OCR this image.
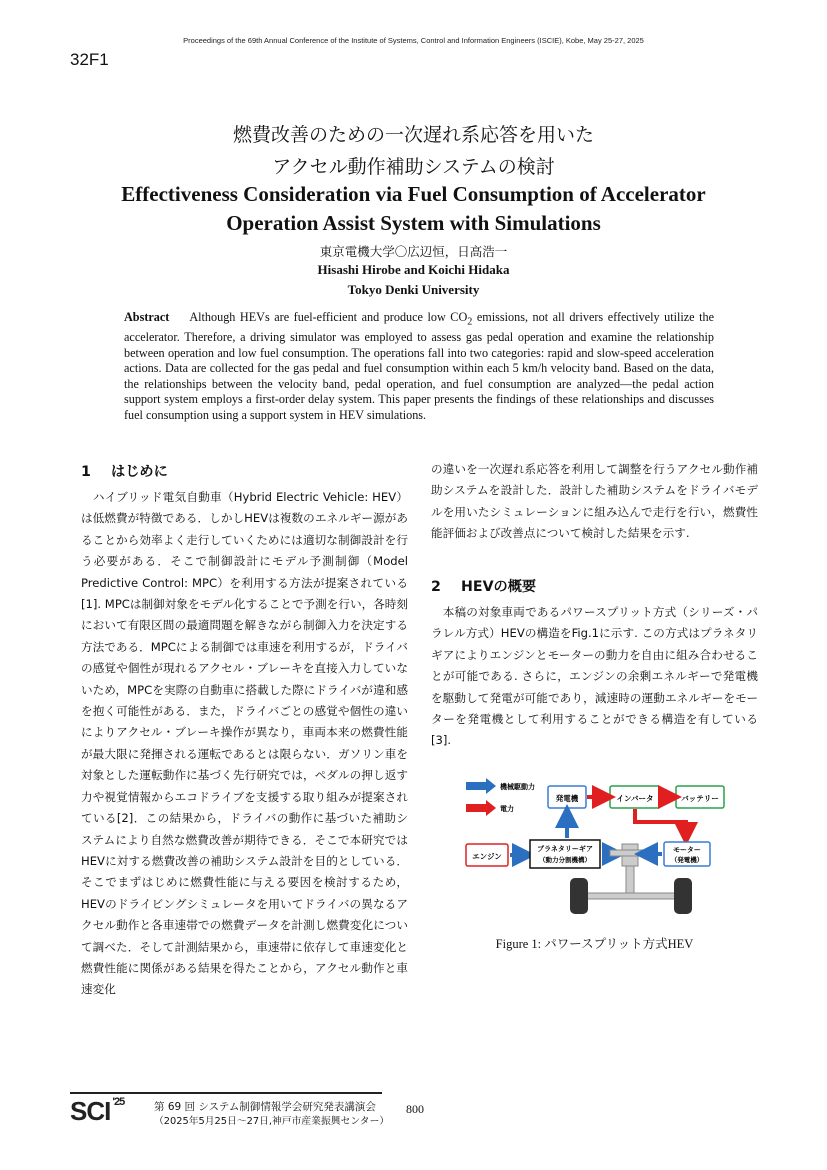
Proceedings of the 69th Annual Conference of the Institute of Systems, Control and Information Engineers (ISCIE), Kobe, May 25-27, 2025
32F1
燃費改善のための一次遅れ系応答を用いた
アクセル動作補助システムの検討
Effectiveness Consideration via Fuel Consumption of Accelerator
Operation Assist System with Simulations
東京電機大学〇広辺恒，日高浩一
Hisashi Hirobe and Koichi Hidaka
Tokyo Denki University
Abstract Although HEVs are fuel-efficient and produce low $CO_2$ emissions, not all drivers effectively utilize the accelerator. Therefore, a driving simulator was employed to assess gas pedal operation and examine the relationship between operation and low fuel consumption. The operations fall into two categories: rapid and slow-speed acceleration actions. Data are collected for the gas pedal and fuel consumption within each 5 km/h velocity band. Based on the data, the relationships between the velocity band, pedal operation, and fuel consumption are analyzed—the pedal action support system employs a first-order delay system. This paper presents the findings of these relationships and discusses fuel consumption using a support system in HEV simulations.
1 はじめに
　ハイブリッド電気自動車（Hybrid Electric Vehicle: HEV）は低燃費が特徴である．しかしHEVは複数のエネルギー源があることから効率よく走行していくためには適切な制御設計を行う必要がある．そこで制御設計にモデル予測制御（Model Predictive Control: MPC）を利用する方法が提案されている[1]. MPCは制御対象をモデル化することで予測を行い，各時刻において有限区間の最適問題を解きながら制御入力を決定する方法である．MPCによる制御では車速を利用するが，ドライバの感覚や個性が現れるアクセル・ブレーキを直接入力していないため，MPCを実際の自動車に搭載した際にドライバが違和感を抱く可能性がある．また，ドライバごとの感覚や個性の違いによりアクセル・ブレーキ操作が異なり，車両本来の燃費性能が最大限に発揮される運転であるとは限らない．ガソリン車を対象とした運転動作に基づく先行研究では，ペダルの押し返す力や視覚情報からエコドライブを支援する取り組みが提案されている[2]．この結果から，ドライバの動作に基づいた補助システムにより自然な燃費改善が期待できる．そこで本研究ではHEVに対する燃費改善の補助システム設計を目的としている．そこでまずはじめに燃費性能に与える要因を検討するため，HEVのドライビングシミュレータを用いてドライバの異なるアクセル動作と各車速帯での燃費データを計測し燃費変化について調べた．そして計測結果から，車速帯に依存して車速変化と燃費性能に関係がある結果を得たことから，アクセル動作と車速変化
の違いを一次遅れ系応答を利用して調整を行うアクセル動作補助システムを設計した．設計した補助システムをドライバモデルを用いたシミュレーションに組み込んで走行を行い，燃費性能評価および改善点について検討した結果を示す.
2 HEVの概要
　本稿の対象車両であるパワースプリット方式（シリーズ・パラレル方式）HEVの構造をFig.1に示す. この方式はプラネタリギアによりエンジンとモーターの動力を自由に組み合わせることが可能である. さらに，エンジンの余剰エネルギーで発電機を駆動して発電が可能であり，減速時の運動エネルギーをモーターを発電機として利用することができる構造を有している[3].
機械駆動力
電力
発電機	インバータ	バッテリー
エンジン
プラネタリーギア
（動力分割機構）
モーター
（発電機）
Figure 1: パワースプリット方式HEV
SCI $^{'25}$	第 69 回 システム制御情報学会研究発表講演会
（2025年5月25日～27日,神戸市産業振興センター）
800
